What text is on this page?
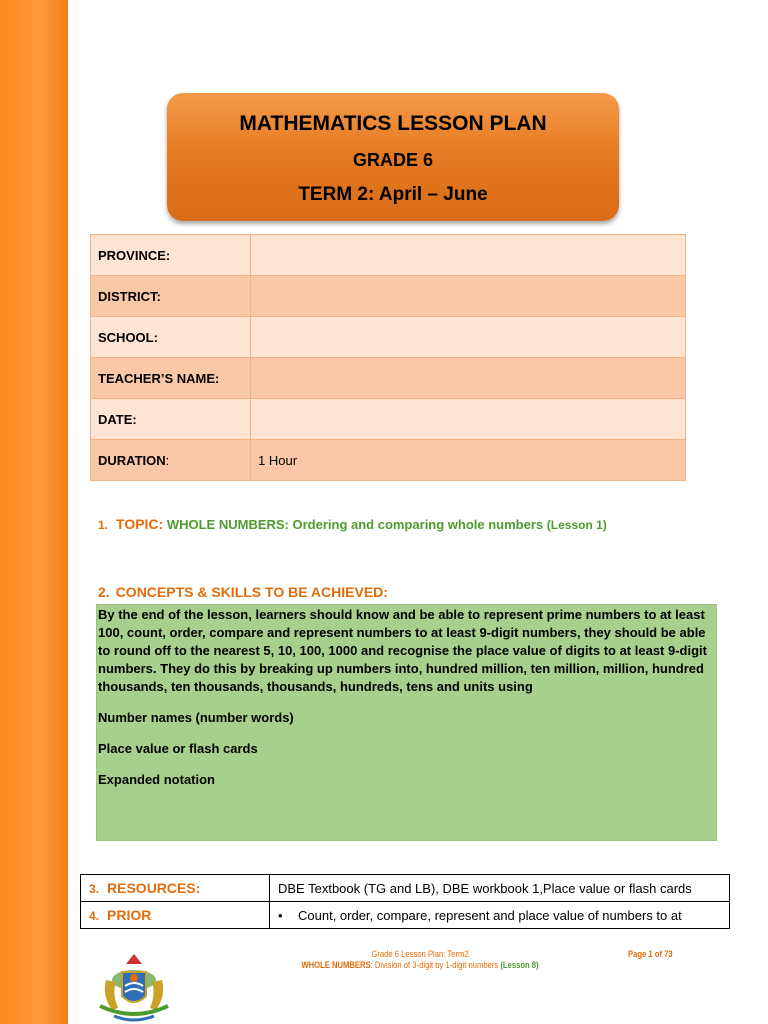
MATHEMATICS LESSON PLAN
GRADE 6
TERM 2: April – June
PROVINCE:	
DISTRICT:	
SCHOOL:	
TEACHER’S NAME:	
DATE:	
DURATION:	1 Hour
1. TOPIC: WHOLE NUMBERS: Ordering and comparing whole numbers (Lesson 1)
2. CONCEPTS & SKILLS TO BE ACHIEVED:

By the end of the lesson, learners should know and be able to represent prime numbers to at least 100, count, order, compare and represent numbers to at least 9-digit numbers, they should be able to round off to the nearest 5, 10, 100, 1000 and recognise the place value of digits to at least 9-digit numbers. They do this by breaking up numbers into, hundred million, ten million, million, hundred thousands, ten thousands, thousands, hundreds, tens and units using

Number names (number words)

Place value or flash cards

Expanded notation

3. RESOURCES:	DBE Textbook (TG and LB), DBE workbook 1,Place value or flash cards
4. PRIOR	• Count, order, compare, represent and place value of numbers to at
Grade 6 Lesson Plan: Term2
WHOLE NUMBERS: Division of 3-digit by 1-digit numbers (Lesson 8)
Page 1 of 73
